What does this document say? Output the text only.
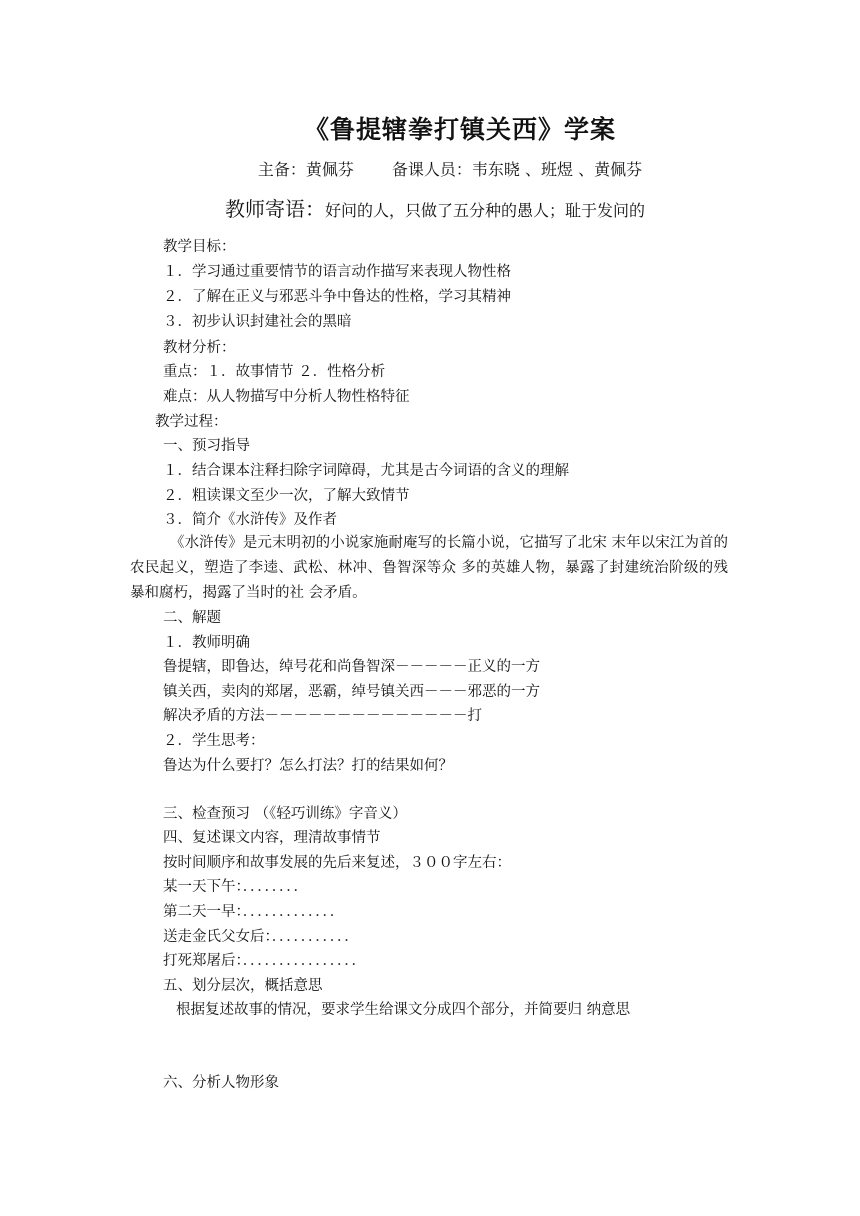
《鲁提辖拳打镇关西》学案
主备：黄佩芬 备课人员：韦东晓 、班煜 、黄佩芬
教师寄语：好问的人，只做了五分种的愚人；耻于发问的
教学目标：
１．学习通过重要情节的语言动作描写来表现人物性格
２．了解在正义与邪恶斗争中鲁达的性格，学习其精神
３．初步认识封建社会的黑暗
教材分析：
重点：１．故事情节 ２．性格分析
难点：从人物描写中分析人物性格特征
教学过程：
一、预习指导
１．结合课本注释扫除字词障碍，尤其是古今词语的含义的理解
２．粗读课文至少一次，了解大致情节
３．简介《水浒传》及作者
《水浒传》是元末明初的小说家施耐庵写的长篇小说，它描写了北宋 末年以宋江为首的农民起义，塑造了李逵、武松、林冲、鲁智深等众 多的英雄人物，暴露了封建统治阶级的残暴和腐朽，揭露了当时的社 会矛盾。
二、解题
１．教师明确
鲁提辖，即鲁达，绰号花和尚鲁智深－－－－－正义的一方
镇关西，卖肉的郑屠，恶霸，绰号镇关西－－－邪恶的一方
解决矛盾的方法－－－－－－－－－－－－－－打
２．学生思考：
鲁达为什么要打？怎么打法？打的结果如何？
三、检查预习 （《轻巧训练》字音义）
四、复述课文内容，理清故事情节
按时间顺序和故事发展的先后来复述，３００字左右：
某一天下午：．．．．．．．．
第二天一早：．．．．．．．．．．．．．
送走金氏父女后：．．．．．．．．．．．
打死郑屠后：．．．．．．．．．．．．．．．．
五、划分层次，概括意思
根据复述故事的情况，要求学生给课文分成四个部分，并简要归 纳意思
六、分析人物形象
